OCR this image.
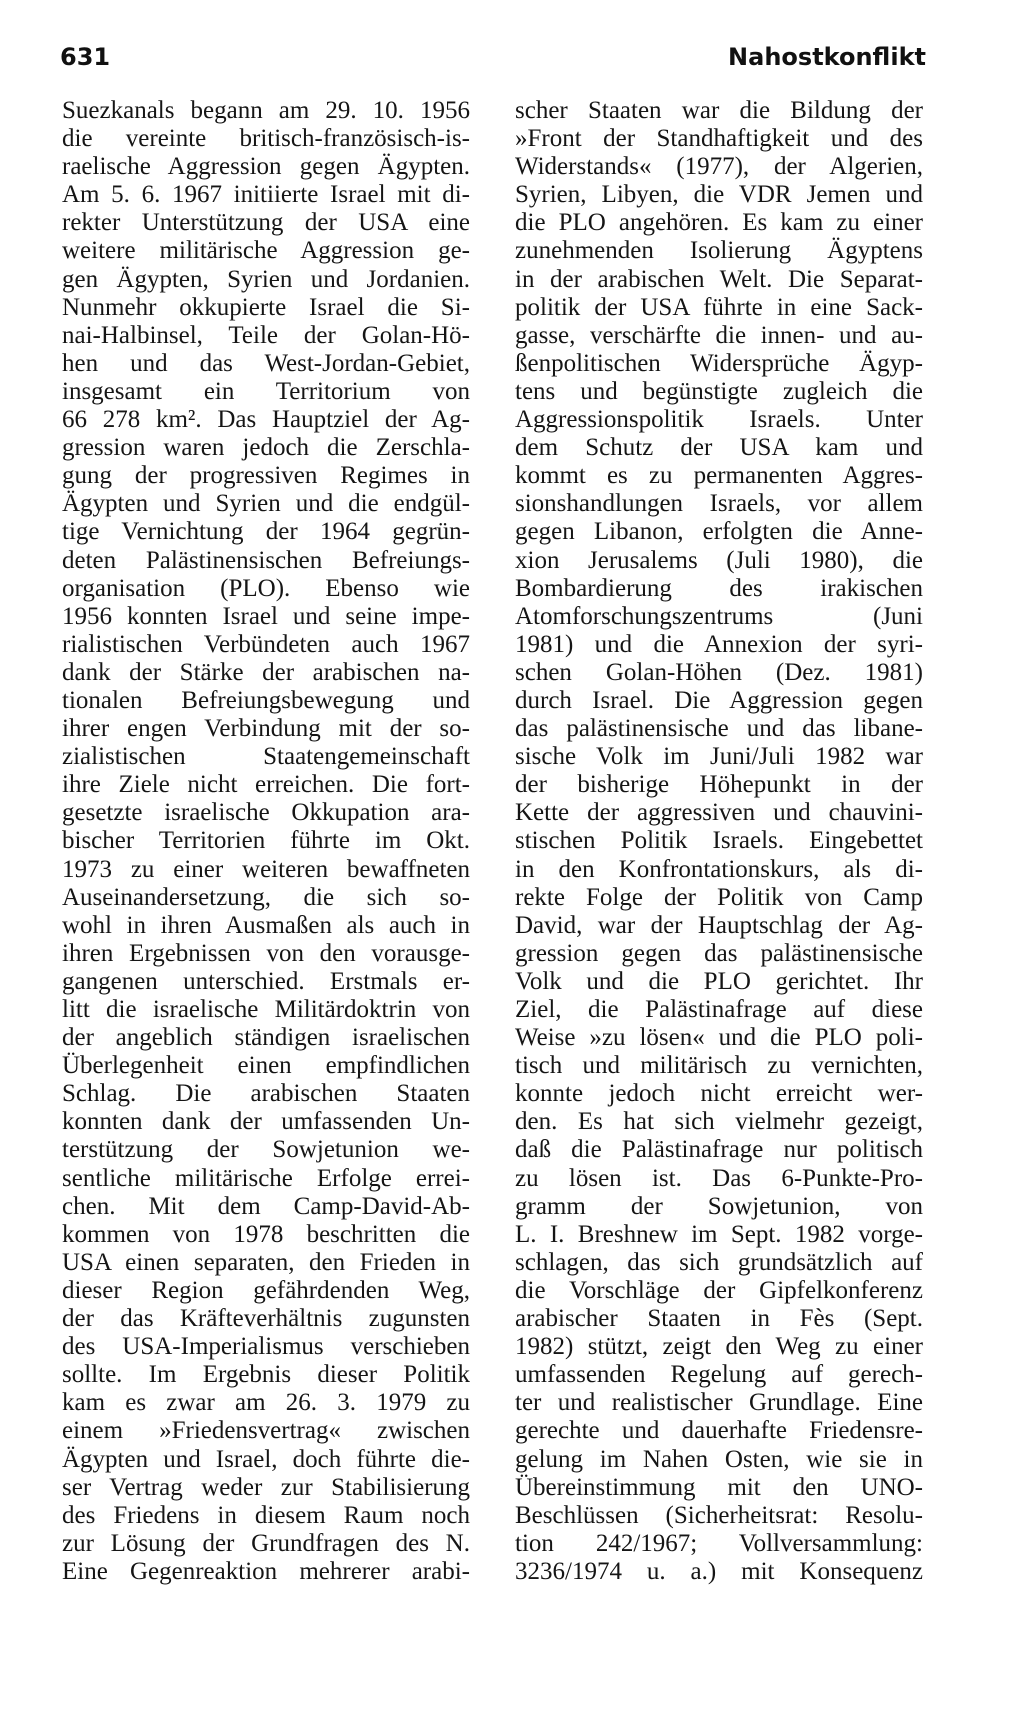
631	Nahostkonflikt
Suezkanals begann am 29. 10. 1956
die vereinte britisch-französisch-is-
raelische Aggression gegen Ägypten.
Am 5. 6. 1967 initiierte Israel mit di-
rekter Unterstützung der USA eine
weitere militärische Aggression ge-
gen Ägypten, Syrien und Jordanien.
Nunmehr okkupierte Israel die Si-
nai-Halbinsel, Teile der Golan-Hö-
hen und das West-Jordan-Gebiet,
insgesamt ein Territorium von
66 278 km². Das Hauptziel der Ag-
gression waren jedoch die Zerschla-
gung der progressiven Regimes in
Ägypten und Syrien und die endgül-
tige Vernichtung der 1964 gegrün-
deten Palästinensischen Befreiungs-
organisation (PLO). Ebenso wie
1956 konnten Israel und seine impe-
rialistischen Verbündeten auch 1967
dank der Stärke der arabischen na-
tionalen Befreiungsbewegung und
ihrer engen Verbindung mit der so-
zialistischen Staatengemeinschaft
ihre Ziele nicht erreichen. Die fort-
gesetzte israelische Okkupation ara-
bischer Territorien führte im Okt.
1973 zu einer weiteren bewaffneten
Auseinandersetzung, die sich so-
wohl in ihren Ausmaßen als auch in
ihren Ergebnissen von den vorausge-
gangenen unterschied. Erstmals er-
litt die israelische Militärdoktrin von
der angeblich ständigen israelischen
Überlegenheit einen empfindlichen
Schlag. Die arabischen Staaten
konnten dank der umfassenden Un-
terstützung der Sowjetunion we-
sentliche militärische Erfolge errei-
chen. Mit dem Camp-David-Ab-
kommen von 1978 beschritten die
USA einen separaten, den Frieden in
dieser Region gefährdenden Weg,
der das Kräfteverhältnis zugunsten
des USA-Imperialismus verschieben
sollte. Im Ergebnis dieser Politik
kam es zwar am 26. 3. 1979 zu
einem »Friedensvertrag« zwischen
Ägypten und Israel, doch führte die-
ser Vertrag weder zur Stabilisierung
des Friedens in diesem Raum noch
zur Lösung der Grundfragen des N.
Eine Gegenreaktion mehrerer arabi-
scher Staaten war die Bildung der
»Front der Standhaftigkeit und des
Widerstands« (1977), der Algerien,
Syrien, Libyen, die VDR Jemen und
die PLO angehören. Es kam zu einer
zunehmenden Isolierung Ägyptens
in der arabischen Welt. Die Separat-
politik der USA führte in eine Sack-
gasse, verschärfte die innen- und au-
ßenpolitischen Widersprüche Ägyp-
tens und begünstigte zugleich die
Aggressionspolitik Israels. Unter
dem Schutz der USA kam und
kommt es zu permanenten Aggres-
sionshandlungen Israels, vor allem
gegen Libanon, erfolgten die Anne-
xion Jerusalems (Juli 1980), die
Bombardierung des irakischen
Atomforschungszentrums (Juni
1981) und die Annexion der syri-
schen Golan-Höhen (Dez. 1981)
durch Israel. Die Aggression gegen
das palästinensische und das libane-
sische Volk im Juni/Juli 1982 war
der bisherige Höhepunkt in der
Kette der aggressiven und chauvini-
stischen Politik Israels. Eingebettet
in den Konfrontationskurs, als di-
rekte Folge der Politik von Camp
David, war der Hauptschlag der Ag-
gression gegen das palästinensische
Volk und die PLO gerichtet. Ihr
Ziel, die Palästinafrage auf diese
Weise »zu lösen« und die PLO poli-
tisch und militärisch zu vernichten,
konnte jedoch nicht erreicht wer-
den. Es hat sich vielmehr gezeigt,
daß die Palästinafrage nur politisch
zu lösen ist. Das 6-Punkte-Pro-
gramm der Sowjetunion, von
L. I. Breshnew im Sept. 1982 vorge-
schlagen, das sich grundsätzlich auf
die Vorschläge der Gipfelkonferenz
arabischer Staaten in Fès (Sept.
1982) stützt, zeigt den Weg zu einer
umfassenden Regelung auf gerech-
ter und realistischer Grundlage. Eine
gerechte und dauerhafte Friedensre-
gelung im Nahen Osten, wie sie in
Übereinstimmung mit den UNO-
Beschlüssen (Sicherheitsrat: Resolu-
tion 242/1967; Vollversammlung:
3236/1974 u. a.) mit Konsequenz
